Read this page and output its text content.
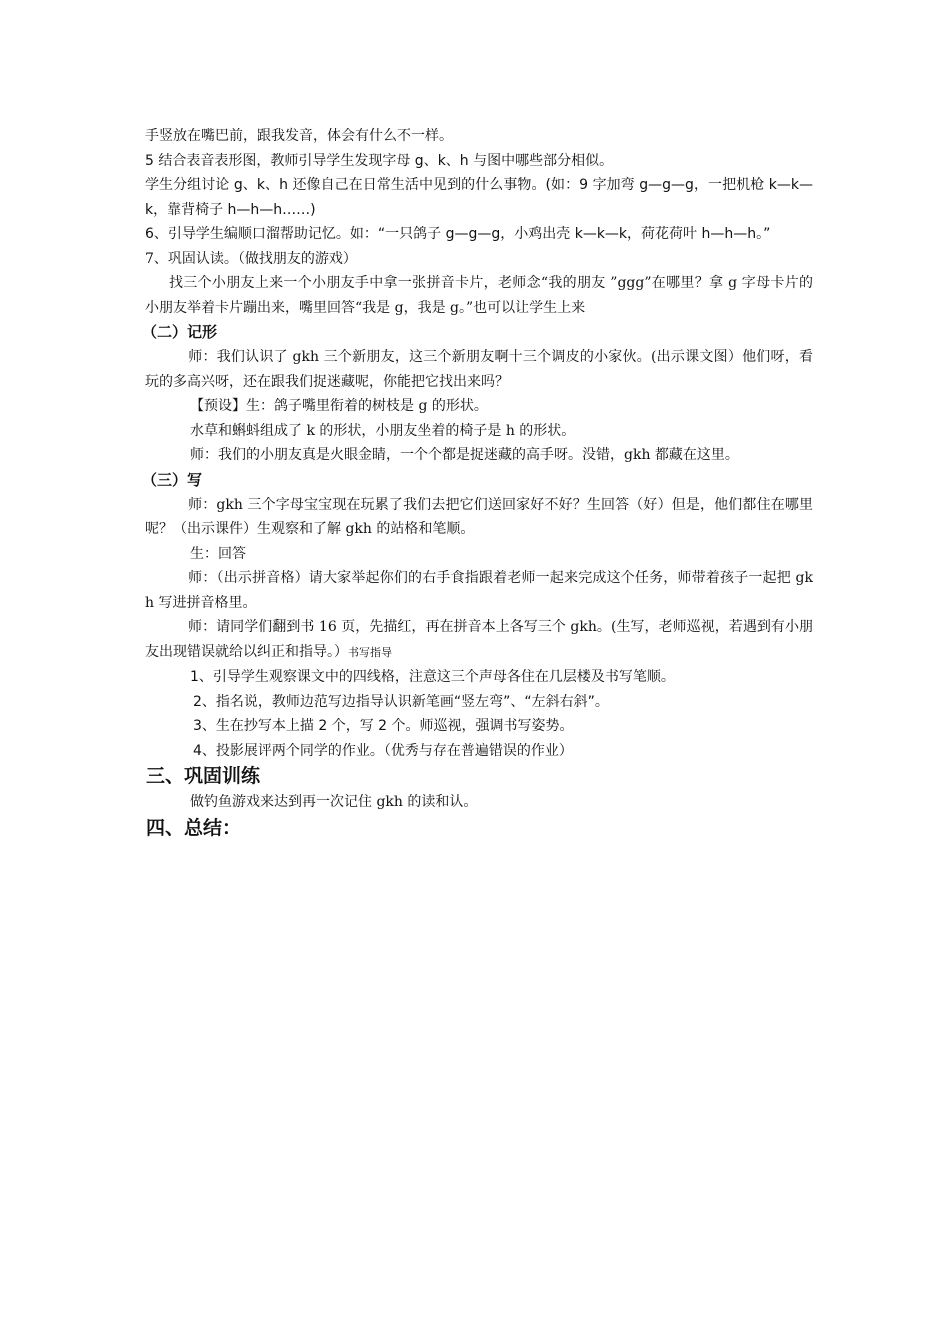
手竖放在嘴巴前，跟我发音，体会有什么不一样。
5 结合表音表形图，教师引导学生发现字母 g、k、h 与图中哪些部分相似。
学生分组讨论 g、k、h 还像自己在日常生活中见到的什么事物。(如：9 字加弯 g—g—g，一把机枪 k—k—k，靠背椅子 h—h—h……)
6、引导学生编顺口溜帮助记忆。如：“一只鸽子 g—g—g，小鸡出壳 k—k—k，荷花荷叶 h—h—h。”
7、巩固认读。（做找朋友的游戏）
找三个小朋友上来一个小朋友手中拿一张拼音卡片，老师念“我的朋友 ”ggg”在哪里？拿 g 字母卡片的小朋友举着卡片蹦出来，嘴里回答“我是 g，我是 g。”也可以让学生上来
（二）记形
师：我们认识了 gkh 三个新朋友，这三个新朋友啊十三个调皮的小家伙。(出示课文图）他们呀，看玩的多高兴呀，还在跟我们捉迷藏呢，你能把它找出来吗？
【预设】生：鸽子嘴里衔着的树枝是 g 的形状。
水草和蝌蚪组成了 k 的形状，小朋友坐着的椅子是 h 的形状。
师：我们的小朋友真是火眼金睛，一个个都是捉迷藏的高手呀。没错，gkh 都藏在这里。
（三）写
师：gkh 三个字母宝宝现在玩累了我们去把它们送回家好不好？生回答（好）但是，他们都住在哪里呢？（出示课件）生观察和了解 gkh 的站格和笔顺。
生：回答
师：（出示拼音格）请大家举起你们的右手食指跟着老师一起来完成这个任务，师带着孩子一起把 gkh 写进拼音格里。
师：请同学们翻到书 16 页，先描红，再在拼音本上各写三个 gkh。(生写，老师巡视，若遇到有小朋友出现错误就给以纠正和指导。）书写指导
1、引导学生观察课文中的四线格，注意这三个声母各住在几层楼及书写笔顺。
2、指名说，教师边范写边指导认识新笔画“竖左弯”、“左斜右斜”。
3、生在抄写本上描 2 个，写 2 个。师巡视，强调书写姿势。
4、投影展评两个同学的作业。（优秀与存在普遍错误的作业）
三、巩固训练
做钓鱼游戏来达到再一次记住 gkh 的读和认。
四、总结：
